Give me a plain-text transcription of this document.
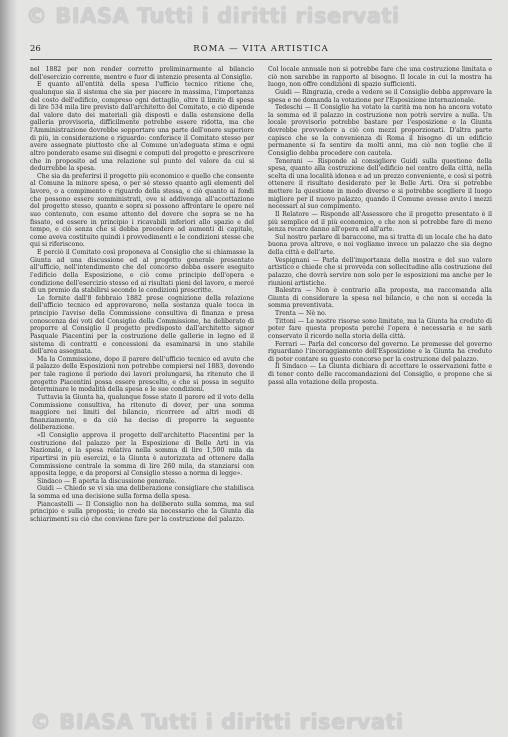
© BIASA Tutti i diritti riservati
26	ROMA — VITA ARTISTICA

nel 1882 per non render corretto preliminarmente al bilancio dell'esercizio corrente, mentre e fuor di intenzio presenta al Consiglio.

E quanto all'entità della spesa l'ufficio tecnico ritiene che, qualunque sia il sistema che sia per piacere in massima, l'importanza del costo dell'edificio, compreso ogni dettaglio, oltre il limite di spesa di lire 534 mila lire previsto dall'architetto del Comitato, e ciò dipende dal valore dato dei materiali già disposti e dalla estensione della galleria provvisoria, difficilmente potrebbe essere ridotta, ma che l'Amministrazione dovrebbe sopportare una parte dell'onere superiore di più, in considerazione e riguardo: conferisce il Comitato stesso per avere assegnate piuttosto che al Comune un'adeguata stima e ogni altro ponderato esame sui disegni e computi del progetto e prescrivere che in proposito ad una relazione sul punto del valore da cui si dedurrebbe la spesa.

Che sia da preferirsi il progetto più economico e quello che consente al Comune la minore spesa, o per sé stesso quanto agli elementi del lavoro, o a compimento e riguardo della stessa, e ciò quanto ai fondi che possono essere somministrati, ove si addivenga all'accettazione del progetto stesso, quanto e sopra si possono affrontare le opere nel suo contenuto, con esame attento del dovere che sopra se ne ha fissato, ed essere in principio i ricavabili inferiori allo spazio e del tempo, e ciò senza che si debba procedere ad aumenti di capitale, come aveva costituito quindi i provvedimenti e le condizioni stesse che qui si riferiscono.

E perciò il Comitato così proponeva al Consiglio che si chiamasse la Giunta ad una discussione ed al progetto generale presentato all'ufficio, nell'intendimento che del concorso debba essere eseguito l'edificio della Esposizione, e ciò come principio dell'opera e condizione dell'esercizio stesso ed ai risultati pieni del lavoro, e mercé di un premio da stabilirsi secondo le condizioni prescritte.

Le fornite dall'8 febbraio 1882 prese cognizione della relazione dell'ufficio tecnico ed approvarono, nella sostanza quale tocca in principio l'avviso della Commissione consultiva di finanza e presa conoscenza dei voti del Consiglio della Commissione, ha deliberato di proporre al Consiglio il progetto predisposto dall'architetto signor Pasquale Piacentini per la costruzione delle gallerie in legno ed il sistema di contratti e concessioni da esaminarsi in uno stabile dell'area assegnata.

Ma la Commissione, dopo il parere dell'ufficio tecnico ed avuto che il palazzo delle Esposizioni non potrebbe compiersi nel 1883, dovendo per tale ragione il periodo dei lavori prolungarsi, ha ritenuto che il progetto Piacentini possa essere prescelto, e che si possa in seguito determinare le modalità della spesa e le sue condizioni.

Tuttavia la Giunta ha, qualunque fosse stato il parere ed il voto della Commissione consultiva, ha ritenuto di dover, per una somma maggiore nei limiti del bilancio, ricorrere ad altri modi di finanziamento, e da ciò ha deciso di proporre la seguente deliberazione.

«Il Consiglio approva il progetto dell'architetto Piacentini per la costruzione del palazzo per la Esposizione di Belle Arti in via Nazionale, e la spesa relativa nella somma di lire 1,500 mila da ripartirsi in più esercizi, e la Giunta è autorizzata ad ottenere dalla Commissione centrale la somma di lire 260 mila, da stanziarsi con apposita legge, e da proporsi al Consiglio stesso a norma di legge».

Sindaco — È aperta la discussione generale.

Guidi — Chiedo se vi sia una deliberazione consigliare che stabilisca la somma ed una decisione sulla forma della spesa.

Piancastelli — Il Consiglio non ha deliberato sulla somma, ma sul principio e sulla proposta; io credo sia necessario che la Giunta dia schiarimenti su ciò che conviene fare per la costruzione del palazzo.

Col locale annuale non si potrebbe fare che una costruzione limitata e ciò non sarebbe in rapporto al bisogno. Il locale in cui la mostra ha luogo, non offre condizioni di spazio sufficienti.

Guidi — Ringrazia, crede a vedere se il Consiglio debba approvare la spesa e ne domanda la votazione per l'Esposizione internazionale.

Tedeschi — Il Consiglio ha votato la carità ma non ha ancora votato la somma ed il palazzo in costruzione non potrà servire a nulla. Un locale provvisorio potrebbe bastare per l'esposizione e la Giunta dovrebbe provvedere a ciò con mezzi proporzionati. D'altra parte capisco che se la convenienza di Roma il bisogno di un edificio permanente si fa sentire da molti anni, ma ciò non toglie che il Consiglio debba procedere con cautela.

Tenerani — Risponde al consigliere Guidi sulla questione della spesa, quanto alla costruzione dell'edificio nel centro della città, nella scelta di una località idonea e ad un prezzo conveniente, e così si potrà ottenere il risultato desiderato per le Belle Arti. Ora si potrebbe mettere la questione in modo diverso e si potrebbe scegliere il luogo migliore per il nuovo palazzo, quando il Comune avesse avuto i mezzi necessari al suo compimento.

Il Relatore — Risponde all'Assessore che il progetto presentato è il più semplice ed il più economico, e che non si potrebbe fare di meno senza recare danno all'opera ed all'arte.

Sul nostro parlare di baraccone, ma si tratta di un locale che ha dato buona prova altrove, e noi vogliamo invece un palazzo che sia degno della città e dell'arte.

Vespignani — Parla dell'importanza della mostra e del suo valore artistico e chiede che si provveda con sollecitudine alla costruzione del palazzo, che dovrà servire non solo per le esposizioni ma anche per le riunioni artistiche.

Balestra — Non è contrario alla proposta, ma raccomanda alla Giunta di considerare la spesa nel bilancio, e che non si ecceda la somma preventivata.

Trenta — Nè no.

Tittoni — Le nostre risorse sono limitate, ma la Giunta ha creduto di poter fare questa proposta perché l'opera è necessaria e ne sarà conservato il ricordo nella storia della città.

Ferrari — Parla del concorso del governo. Le promesse del governo riguardano l'incoraggiamento dell'Esposizione e la Giunta ha creduto di poter contare su questo concorso per la costruzione del palazzo.

Il Sindaco — La Giunta dichiara di accettare le osservazioni fatte e di tener conto delle raccomandazioni del Consiglio, e propone che si passi alla votazione della proposta.

© BIASA Tutti i diritti riservati
